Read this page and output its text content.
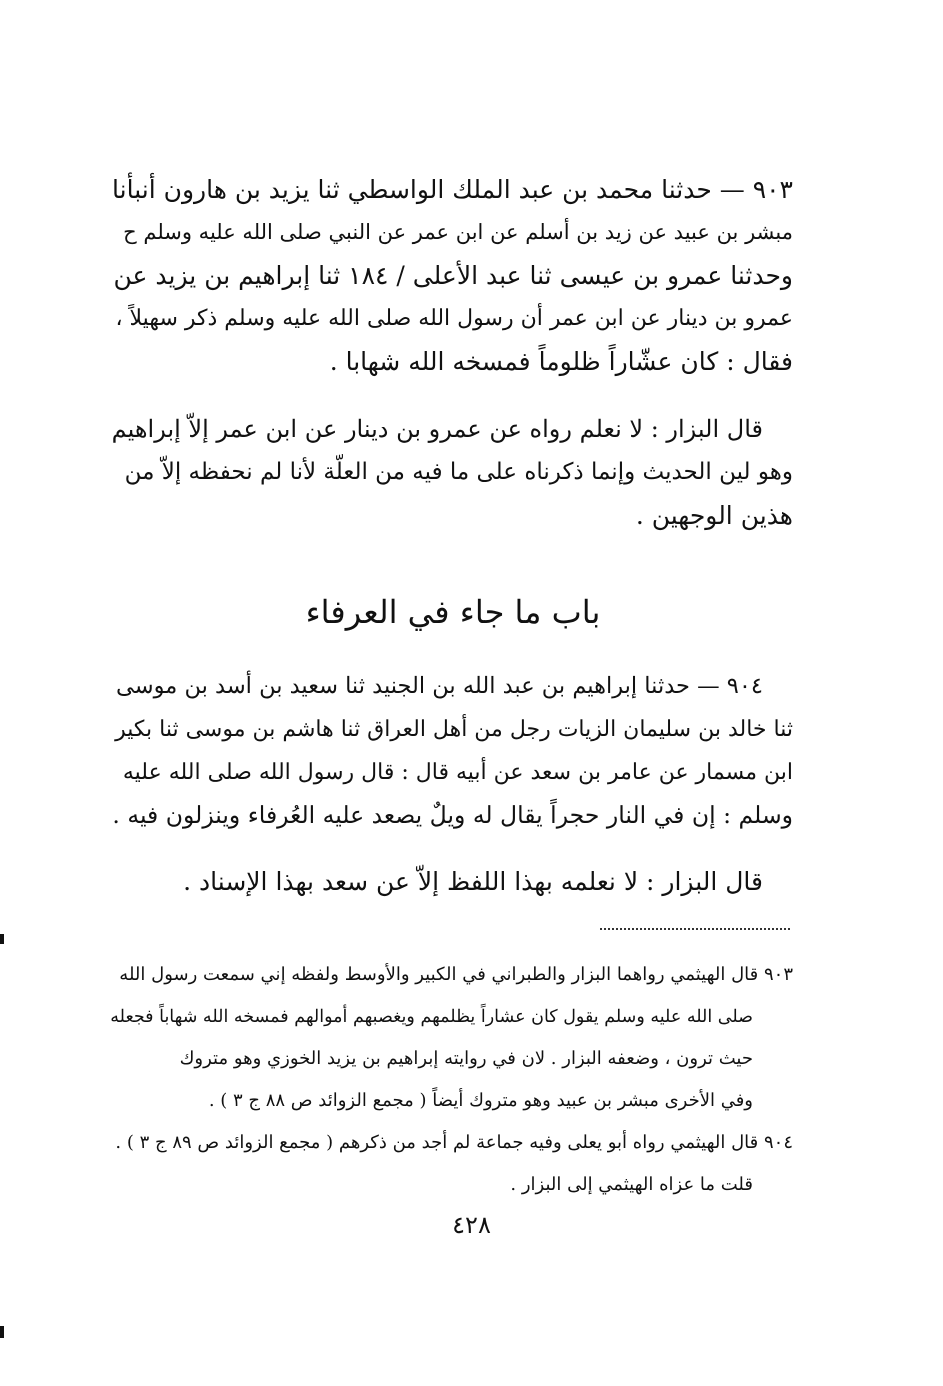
٩٠٣ — حدثنا محمد بن عبد الملك الواسطي ثنا يزيد بن هارون أنبأنا
مبشر بن عبيد عن زيد بن أسلم عن ابن عمر عن النبي صلى الله عليه وسلم ح
وحدثنا عمرو بن عيسى ثنا عبد الأعلى / ١٨٤ ثنا إبراهيم بن يزيد عن
عمرو بن دينار عن ابن عمر أن رسول الله صلى الله عليه وسلم ذكر سهيلاً ،
فقال : كان عشّاراً ظلوماً فمسخه الله شهابا .
قال البزار : لا نعلم رواه عن عمرو بن دينار عن ابن عمر إلاّ إبراهيم
وهو لين الحديث وإنما ذكرناه على ما فيه من العلّة لأنا لم نحفظه إلاّ من
هذين الوجهين .
باب ما جاء في العرفاء
٩٠٤ — حدثنا إبراهيم بن عبد الله بن الجنيد ثنا سعيد بن أسد بن موسى
ثنا خالد بن سليمان الزيات رجل من أهل العراق ثنا هاشم بن موسى ثنا بكير
ابن مسمار عن عامر بن سعد عن أبيه قال : قال رسول الله صلى الله عليه
وسلم : إن في النار حجراً يقال له ويلٌ يصعد عليه العُرفاء وينزلون فيه .
قال البزار : لا نعلمه بهذا اللفظ إلاّ عن سعد بهذا الإسناد .
٩٠٣ قال الهيثمي رواهما البزار والطبراني في الكبير والأوسط ولفظه إني سمعت رسول الله
صلى الله عليه وسلم يقول كان عشاراً يظلمهم ويغصبهم أموالهم فمسخه الله شهاباً فجعله
حيث ترون ، وضعفه البزار . لان في روايته إبراهيم بن يزيد الخوزي وهو متروك
وفي الأخرى مبشر بن عبيد وهو متروك أيضاً ( مجمع الزوائد ص ٨٨ ج ٣ ) .
٩٠٤ قال الهيثمي رواه أبو يعلى وفيه جماعة لم أجد من ذكرهم ( مجمع الزوائد ص ٨٩ ج ٣ ) .
قلت ما عزاه الهيثمي إلى البزار .
٤٢٨
